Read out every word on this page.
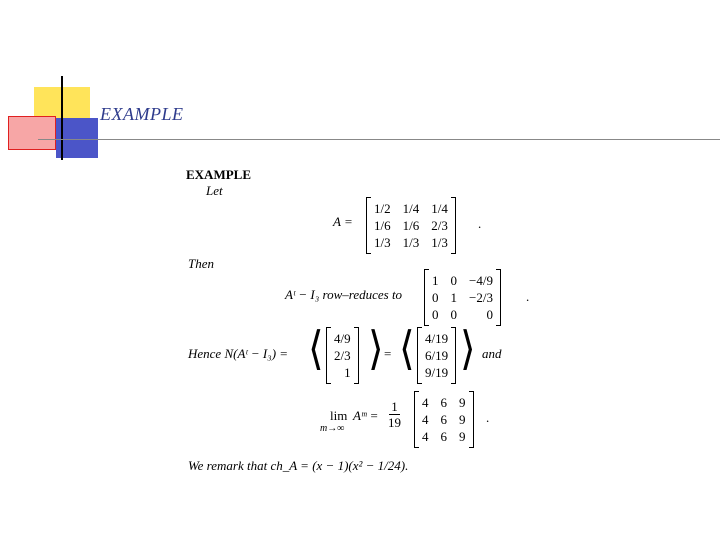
EXAMPLE
EXAMPLE
Let
A =
1/2 1/4 1/4
1/6 1/6 2/3
1/3 1/3 1/3
.
Then
Aᵗ − I₃ row–reduces to
1 0 −4/9
0 1 −2/3
0 0	0
.
Hence N(Aᵗ − I₃) = ⟨ 4/9
2/3
1 ⟩ = ⟨ 4/19
6/19
9/19 ⟩ and
lim
m→∞
Aᵐ = $\frac{1}{19} 4$ 6 9
4 6 9
4 6 9
.
We remark that ch_A = (x − 1)(x² − 1/24).
